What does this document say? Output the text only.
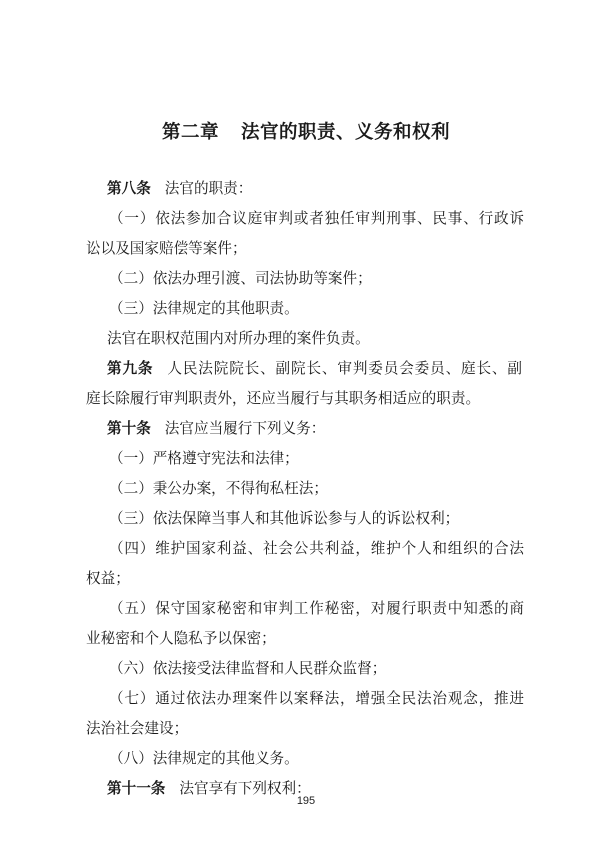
第二章 法官的职责、义务和权利
第八条 法官的职责：
（一）依法参加合议庭审判或者独任审判刑事、民事、行政诉
讼以及国家赔偿等案件；
（二）依法办理引渡、司法协助等案件；
（三）法律规定的其他职责。
法官在职权范围内对所办理的案件负责。
第九条 人民法院院长、副院长、审判委员会委员、庭长、副
庭长除履行审判职责外，还应当履行与其职务相适应的职责。
第十条 法官应当履行下列义务：
（一）严格遵守宪法和法律；
（二）秉公办案，不得徇私枉法；
（三）依法保障当事人和其他诉讼参与人的诉讼权利；
（四）维护国家利益、社会公共利益，维护个人和组织的合法
权益；
（五）保守国家秘密和审判工作秘密，对履行职责中知悉的商
业秘密和个人隐私予以保密；
（六）依法接受法律监督和人民群众监督；
（七）通过依法办理案件以案释法，增强全民法治观念，推进
法治社会建设；
（八）法律规定的其他义务。
第十一条 法官享有下列权利：
195
